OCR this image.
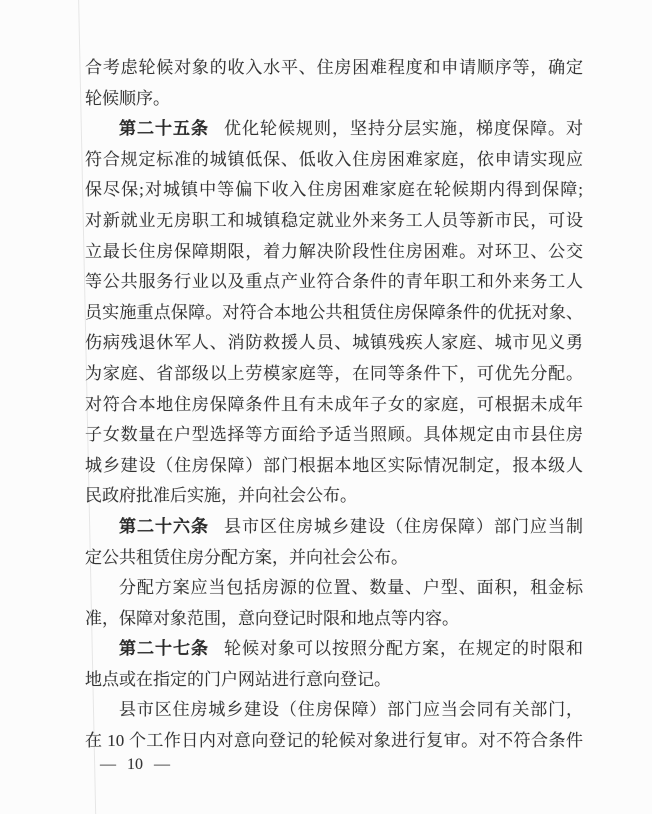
合考虑轮候对象的收入水平、住房困难程度和申请顺序等，确定
轮候顺序。
第二十五条 优化轮候规则，坚持分层实施，梯度保障。对
符合规定标准的城镇低保、低收入住房困难家庭，依申请实现应
保尽保;对城镇中等偏下收入住房困难家庭在轮候期内得到保障;
对新就业无房职工和城镇稳定就业外来务工人员等新市民，可设
立最长住房保障期限，着力解决阶段性住房困难。对环卫、公交
等公共服务行业以及重点产业符合条件的青年职工和外来务工人
员实施重点保障。对符合本地公共租赁住房保障条件的优抚对象、
伤病残退休军人、消防救援人员、城镇残疾人家庭、城市见义勇
为家庭、省部级以上劳模家庭等，在同等条件下，可优先分配。
对符合本地住房保障条件且有未成年子女的家庭，可根据未成年
子女数量在户型选择等方面给予适当照顾。具体规定由市县住房
城乡建设（住房保障）部门根据本地区实际情况制定，报本级人
民政府批准后实施，并向社会公布。
第二十六条 县市区住房城乡建设（住房保障）部门应当制
定公共租赁住房分配方案，并向社会公布。
分配方案应当包括房源的位置、数量、户型、面积，租金标
准，保障对象范围，意向登记时限和地点等内容。
第二十七条 轮候对象可以按照分配方案，在规定的时限和
地点或在指定的门户网站进行意向登记。
县市区住房城乡建设（住房保障）部门应当会同有关部门，
在 10 个工作日内对意向登记的轮候对象进行复审。对不符合条件
— 10 —
